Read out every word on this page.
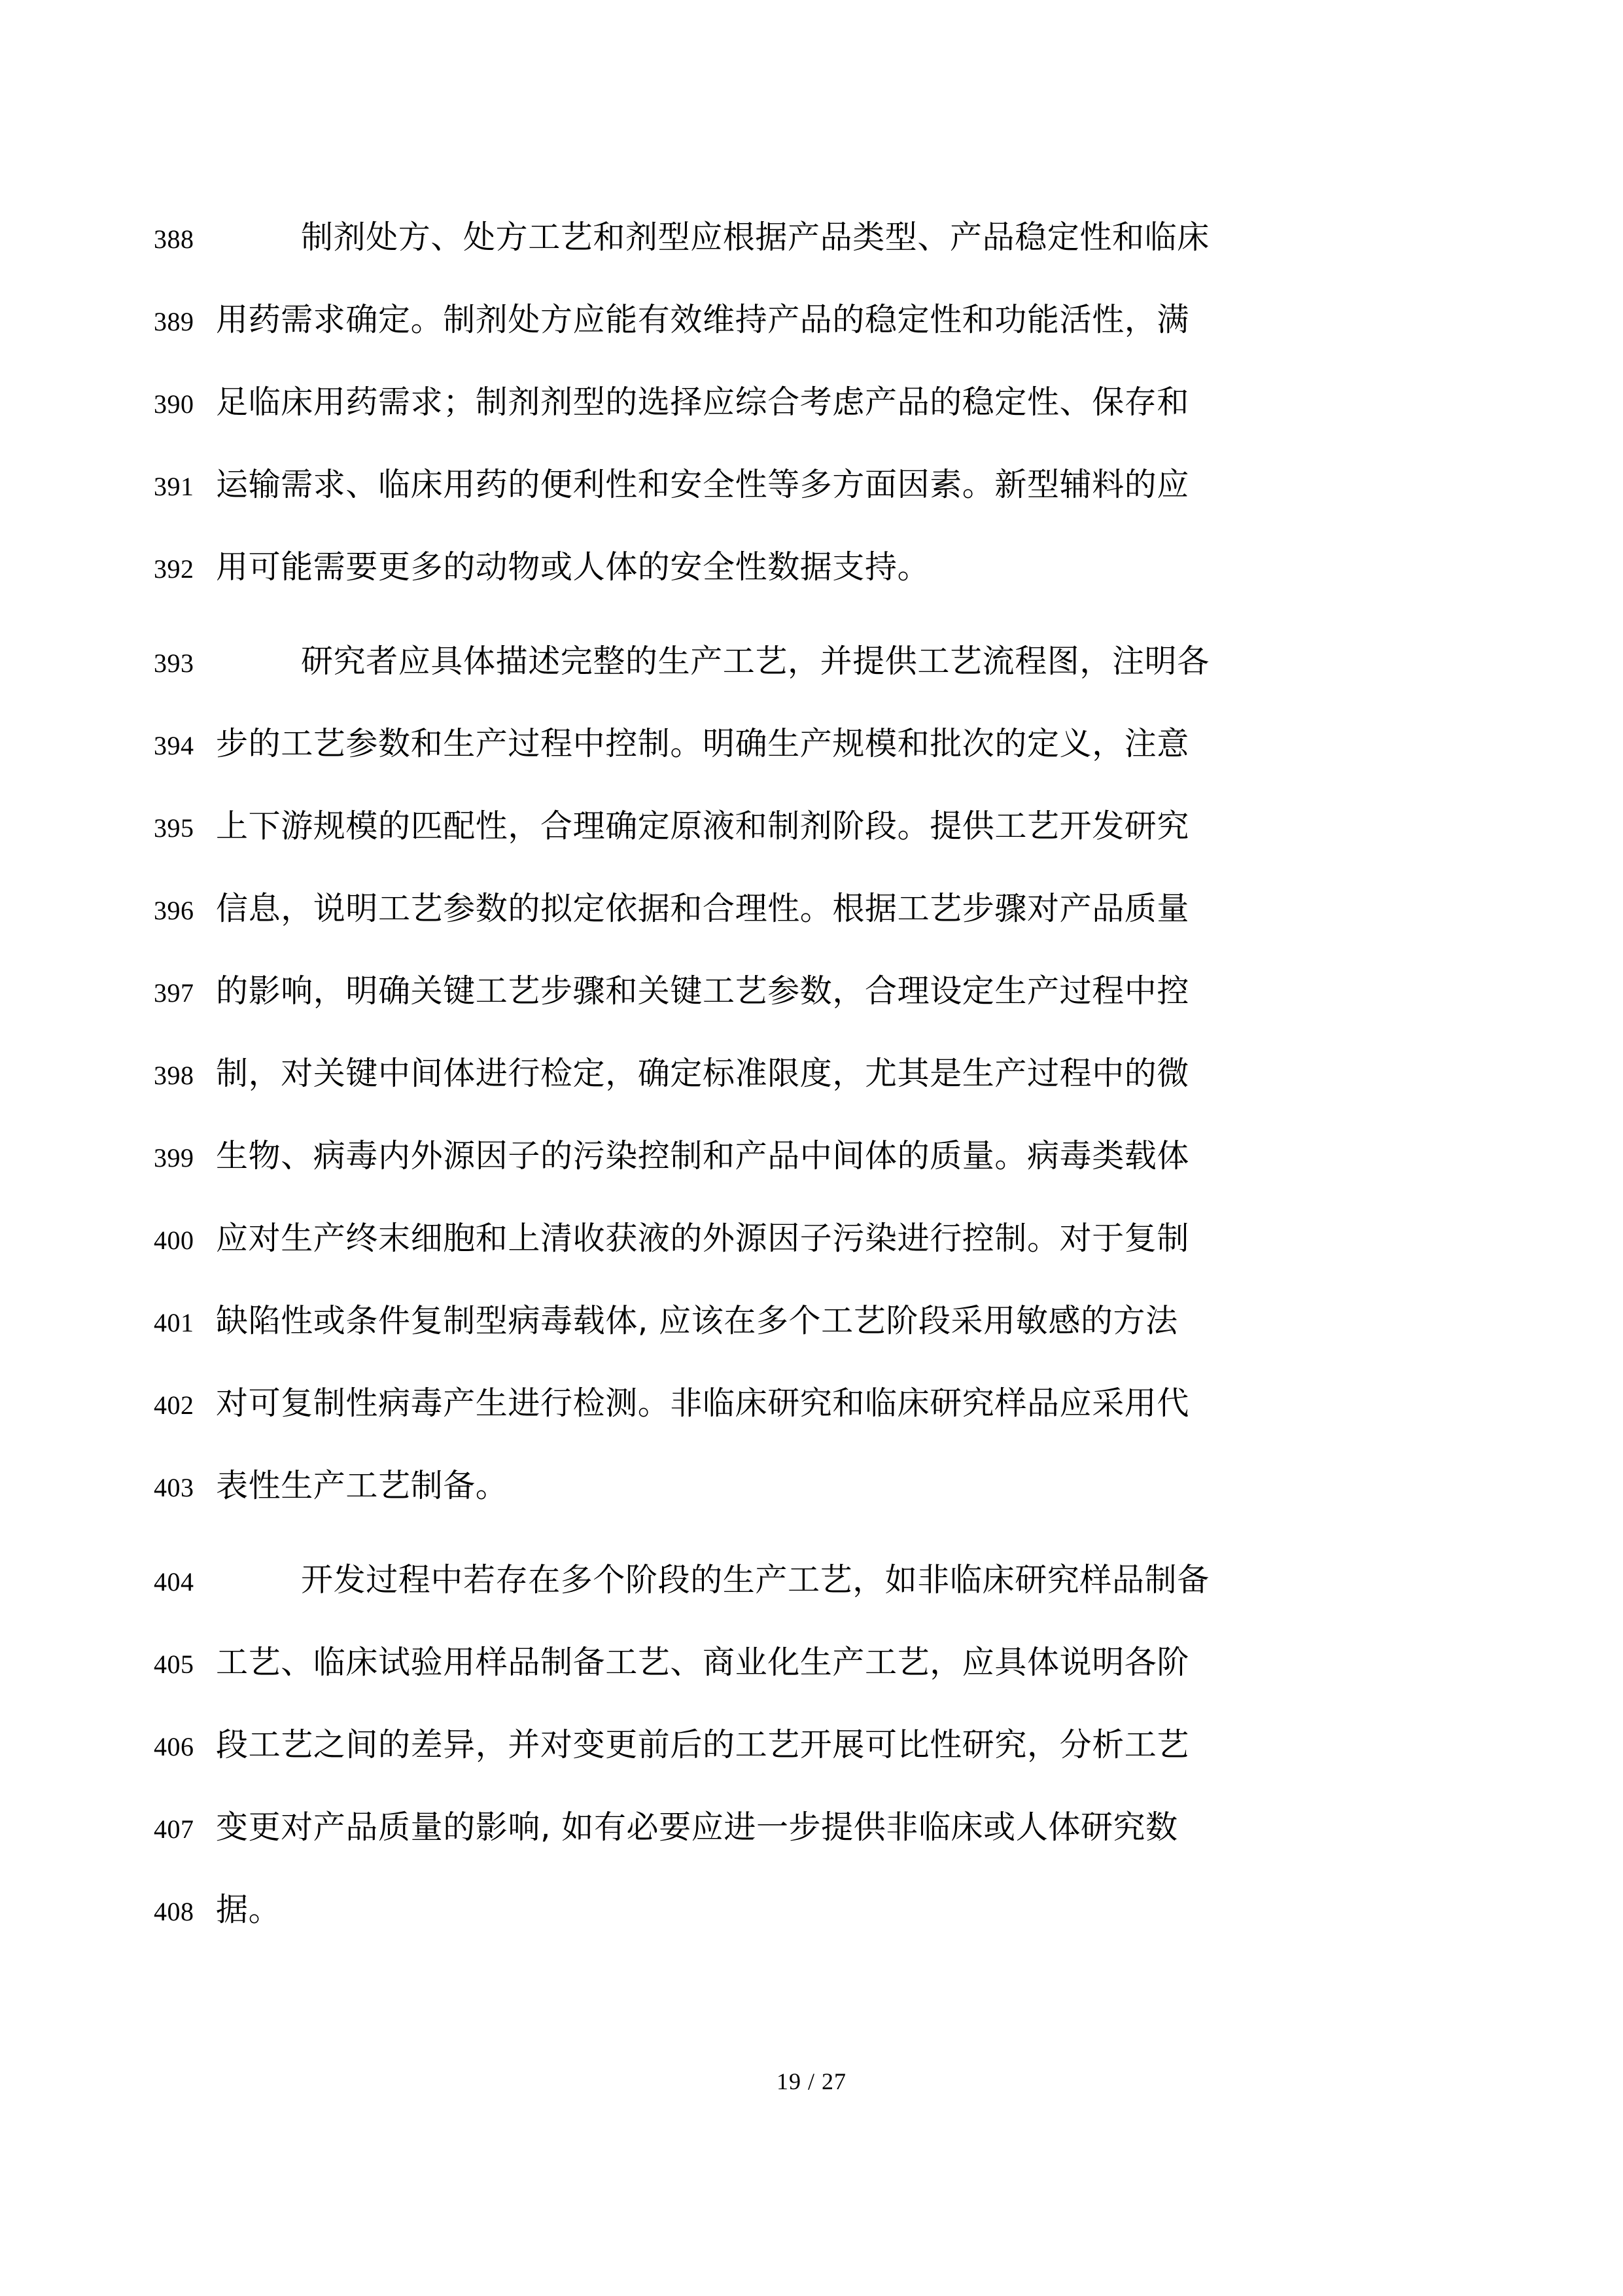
388	制剂处方、处方工艺和剂型应根据产品类型、产品稳定性和临床
389 用药需求确定。制剂处方应能有效维持产品的稳定性和功能活性，满
390 足临床用药需求；制剂剂型的选择应综合考虑产品的稳定性、保存和
391 运输需求、临床用药的便利性和安全性等多方面因素。新型辅料的应
392 用可能需要更多的动物或人体的安全性数据支持。
393	研究者应具体描述完整的生产工艺，并提供工艺流程图，注明各
394 步的工艺参数和生产过程中控制。明确生产规模和批次的定义，注意
395 上下游规模的匹配性，合理确定原液和制剂阶段。提供工艺开发研究
396 信息，说明工艺参数的拟定依据和合理性。根据工艺步骤对产品质量
397 的影响，明确关键工艺步骤和关键工艺参数，合理设定生产过程中控
398 制，对关键中间体进行检定，确定标准限度，尤其是生产过程中的微
399 生物、病毒内外源因子的污染控制和产品中间体的质量。病毒类载体
400 应对生产终末细胞和上清收获液的外源因子污染进行控制。对于复制
401 缺陷性或条件复制型病毒载体, 应该在多个工艺阶段采用敏感的方法
402 对可复制性病毒产生进行检测。非临床研究和临床研究样品应采用代
403 表性生产工艺制备。
404	开发过程中若存在多个阶段的生产工艺，如非临床研究样品制备
405 工艺、临床试验用样品制备工艺、商业化生产工艺，应具体说明各阶
406 段工艺之间的差异，并对变更前后的工艺开展可比性研究，分析工艺
407 变更对产品质量的影响, 如有必要应进一步提供非临床或人体研究数
408 据。
19 / 27
